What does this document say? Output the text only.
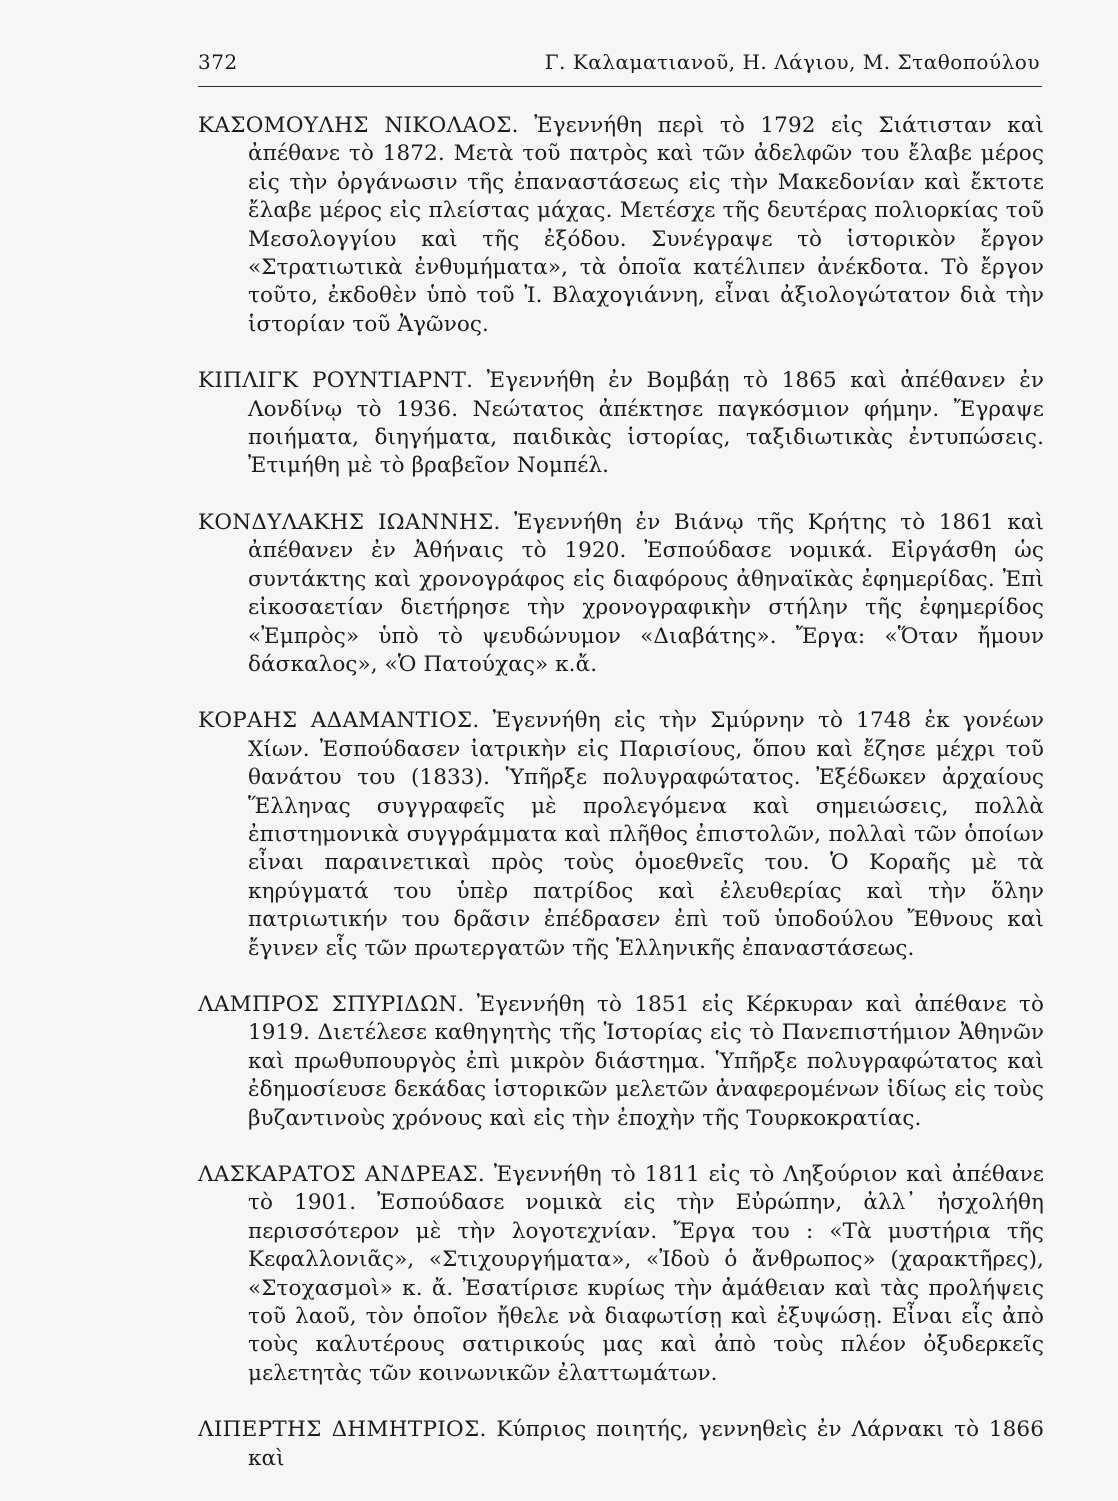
372	Γ. Καλαματιανοῦ, Η. Λάγιου, Μ. Σταθοπούλου

ΚΑΣΟΜΟΥΛΗΣ ΝΙΚΟΛΑΟΣ. Ἐγεννήθη περὶ τὸ 1792 εἰς Σιάτισταν καὶ ἀπέθανε τὸ 1872. Μετὰ τοῦ πατρὸς καὶ τῶν ἀδελφῶν του ἔλαβε μέρος εἰς τὴν ὀργάνωσιν τῆς ἐπαναστάσεως εἰς τὴν Μακεδονίαν καὶ ἔκτοτε ἔλαβε μέρος εἰς πλείστας μάχας. Μετέσχε τῆς δευτέρας πολιορκίας τοῦ Μεσολογγίου καὶ τῆς ἐξόδου. Συνέγραψε τὸ ἱστορικὸν ἔργον «Στρατιωτικὰ ἐνθυμήματα», τὰ ὁποῖα κατέλιπεν ἀνέκδοτα. Τὸ ἔργον τοῦτο, ἐκδοθὲν ὑπὸ τοῦ Ἰ. Βλαχογιάννη, εἶναι ἀξιολογώτατον διὰ τὴν ἱστορίαν τοῦ Ἀγῶνος.

ΚΙΠΛΙΓΚ ΡΟΥΝΤΙΑΡΝΤ. Ἐγεννήθη ἐν Βομβάῃ τὸ 1865 καὶ ἀπέθανεν ἐν Λονδίνῳ τὸ 1936. Νεώτατος ἀπέκτησε παγκόσμιον φήμην. Ἔγραψε ποιήματα, διηγήματα, παιδικὰς ἱστορίας, ταξιδιωτικὰς ἐντυπώσεις. Ἐτιμήθη μὲ τὸ βραβεῖον Νομπέλ.

ΚΟΝΔΥΛΑΚΗΣ ΙΩΑΝΝΗΣ. Ἐγεννήθη ἐν Βιάνῳ τῆς Κρήτης τὸ 1861 καὶ ἀπέθανεν ἐν Ἀθήναις τὸ 1920. Ἐσπούδασε νομικά. Εἰργάσθη ὡς συντάκτης καὶ χρονογράφος εἰς διαφόρους ἀθηναϊκὰς ἐφημερίδας. Ἐπὶ εἰκοσαετίαν διετήρησε τὴν χρονογραφικὴν στήλην τῆς ἐφημερίδος «Ἐμπρὸς» ὑπὸ τὸ ψευδώνυμον «Διαβάτης». Ἔργα: «Ὅταν ἤμουν δάσκαλος», «Ὁ Πατούχας» κ.ἄ.

ΚΟΡΑΗΣ ΑΔΑΜΑΝΤΙΟΣ. Ἐγεννήθη εἰς τὴν Σμύρνην τὸ 1748 ἐκ γονέων Χίων. Ἐσπούδασεν ἰατρικὴν εἰς Παρισίους, ὅπου καὶ ἔζησε μέχρι τοῦ θανάτου του (1833). Ὑπῆρξε πολυγραφώτατος. Ἐξέδωκεν ἀρχαίους Ἕλληνας συγγραφεῖς μὲ προλεγόμενα καὶ σημειώσεις, πολλὰ ἐπιστημονικὰ συγγράμματα καὶ πλῆθος ἐπιστολῶν, πολλαὶ τῶν ὁποίων εἶναι παραινετικαὶ πρὸς τοὺς ὁμοεθνεῖς του. Ὁ Κοραῆς μὲ τὰ κηρύγματά του ὑπὲρ πατρίδος καὶ ἐλευθερίας καὶ τὴν ὅλην πατριωτικήν του δρᾶσιν ἐπέδρασεν ἐπὶ τοῦ ὑποδούλου Ἔθνους καὶ ἔγινεν εἷς τῶν πρωτεργατῶν τῆς Ἑλληνικῆς ἐπαναστάσεως.

ΛΑΜΠΡΟΣ ΣΠΥΡΙΔΩΝ. Ἐγεννήθη τὸ 1851 εἰς Κέρκυραν καὶ ἀπέθανε τὸ 1919. Διετέλεσε καθηγητὴς τῆς Ἱστορίας εἰς τὸ Πανεπιστήμιον Ἀθηνῶν καὶ πρωθυπουργὸς ἐπὶ μικρὸν διάστημα. Ὑπῆρξε πολυγραφώτατος καὶ ἐδημοσίευσε δεκάδας ἱστορικῶν μελετῶν ἀναφερομένων ἰδίως εἰς τοὺς βυζαντινοὺς χρόνους καὶ εἰς τὴν ἐποχὴν τῆς Τουρκοκρατίας.

ΛΑΣΚΑΡΑΤΟΣ ΑΝΔΡΕΑΣ. Ἐγεννήθη τὸ 1811 εἰς τὸ Ληξούριον καὶ ἀπέθανε τὸ 1901. Ἐσπούδασε νομικὰ εἰς τὴν Εὐρώπην, ἀλλ᾽ ἠσχολήθη περισσότερον μὲ τὴν λογοτεχνίαν. Ἔργα του : «Τὰ μυστήρια τῆς Κεφαλλονιᾶς», «Στιχουργήματα», «Ἰδοὺ ὁ ἄνθρωπος» (χαρακτῆρες), «Στοχασμοὶ» κ. ἄ. Ἐσατίρισε κυρίως τὴν ἀμάθειαν καὶ τὰς προλήψεις τοῦ λαοῦ, τὸν ὁποῖον ἤθελε νὰ διαφωτίσῃ καὶ ἐξυψώσῃ. Εἶναι εἷς ἀπὸ τοὺς καλυτέρους σατιρικούς μας καὶ ἀπὸ τοὺς πλέον ὀξυδερκεῖς μελετητὰς τῶν κοινωνικῶν ἐλαττωμάτων.

ΛΙΠΕΡΤΗΣ ΔΗΜΗΤΡΙΟΣ. Κύπριος ποιητής, γεννηθεὶς ἐν Λάρνακι τὸ 1866 καὶ
